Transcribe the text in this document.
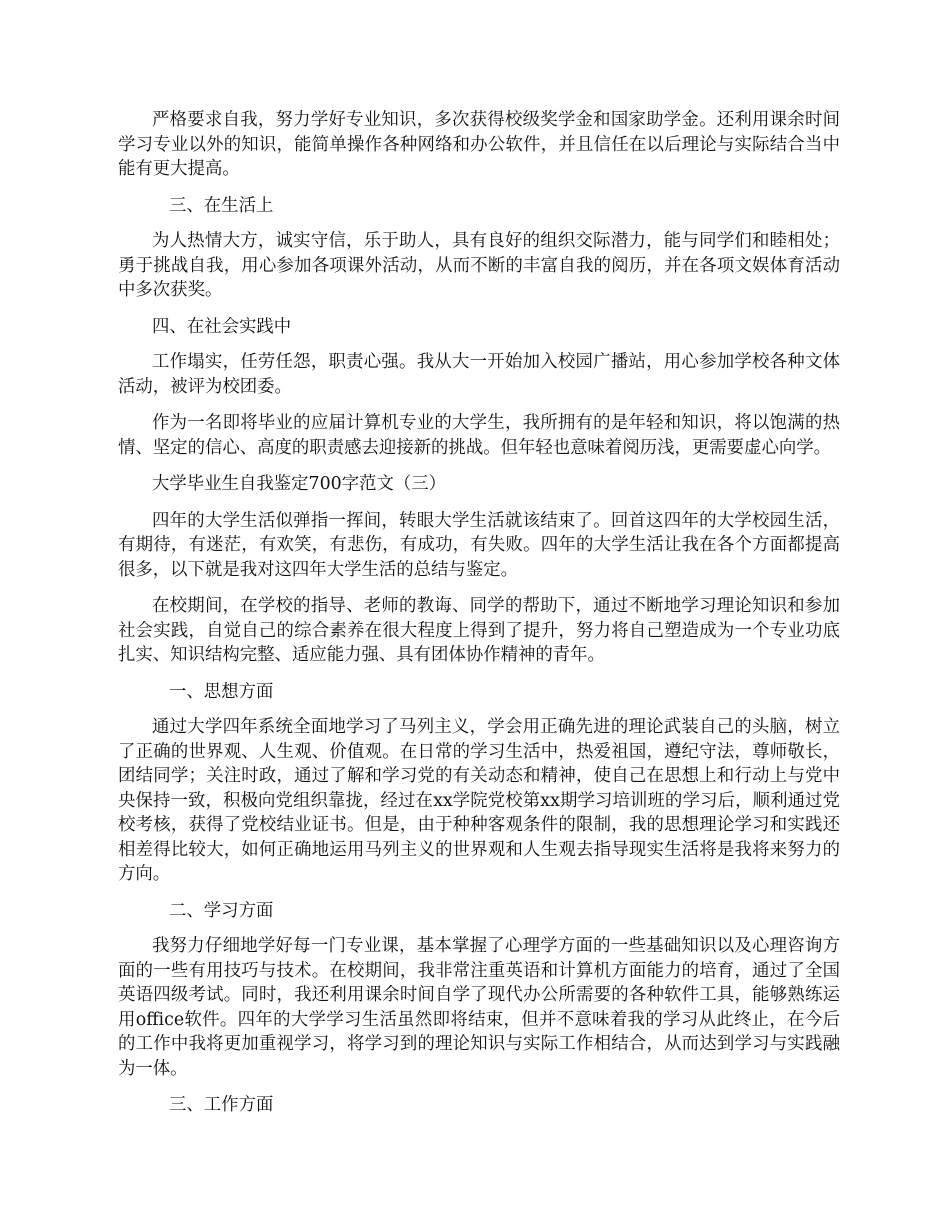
严格要求自我，努力学好专业知识，多次获得校级奖学金和国家助学金。还利用课余时间学习专业以外的知识，能简单操作各种网络和办公软件，并且信任在以后理论与实际结合当中能有更大提高。

三、在生活上

为人热情大方，诚实守信，乐于助人，具有良好的组织交际潜力，能与同学们和睦相处；勇于挑战自我，用心参加各项课外活动，从而不断的丰富自我的阅历，并在各项文娱体育活动中多次获奖。

四、在社会实践中

工作塌实，任劳任怨，职责心强。我从大一开始加入校园广播站，用心参加学校各种文体活动，被评为校团委。

作为一名即将毕业的应届计算机专业的大学生，我所拥有的是年轻和知识，将以饱满的热情、坚定的信心、高度的职责感去迎接新的挑战。但年轻也意味着阅历浅，更需要虚心向学。

大学毕业生自我鉴定700字范文（三）

四年的大学生活似弹指一挥间，转眼大学生活就该结束了。回首这四年的大学校园生活，有期待，有迷茫，有欢笑，有悲伤，有成功，有失败。四年的大学生活让我在各个方面都提高很多，以下就是我对这四年大学生活的总结与鉴定。

在校期间，在学校的指导、老师的教诲、同学的帮助下，通过不断地学习理论知识和参加社会实践，自觉自己的综合素养在很大程度上得到了提升，努力将自己塑造成为一个专业功底扎实、知识结构完整、适应能力强、具有团体协作精神的青年。

一、思想方面

通过大学四年系统全面地学习了马列主义，学会用正确先进的理论武装自己的头脑，树立了正确的世界观、人生观、价值观。在日常的学习生活中，热爱祖国，遵纪守法，尊师敬长，团结同学；关注时政，通过了解和学习党的有关动态和精神，使自己在思想上和行动上与党中央保持一致，积极向党组织靠拢，经过在xx学院党校第xx期学习培训班的学习后，顺利通过党校考核，获得了党校结业证书。但是，由于种种客观条件的限制，我的思想理论学习和实践还相差得比较大，如何正确地运用马列主义的世界观和人生观去指导现实生活将是我将来努力的方向。

二、学习方面

我努力仔细地学好每一门专业课，基本掌握了心理学方面的一些基础知识以及心理咨询方面的一些有用技巧与技术。在校期间，我非常注重英语和计算机方面能力的培育，通过了全国英语四级考试。同时，我还利用课余时间自学了现代办公所需要的各种软件工具，能够熟练运用office软件。四年的大学学习生活虽然即将结束，但并不意味着我的学习从此终止，在今后的工作中我将更加重视学习，将学习到的理论知识与实际工作相结合，从而达到学习与实践融为一体。

三、工作方面
